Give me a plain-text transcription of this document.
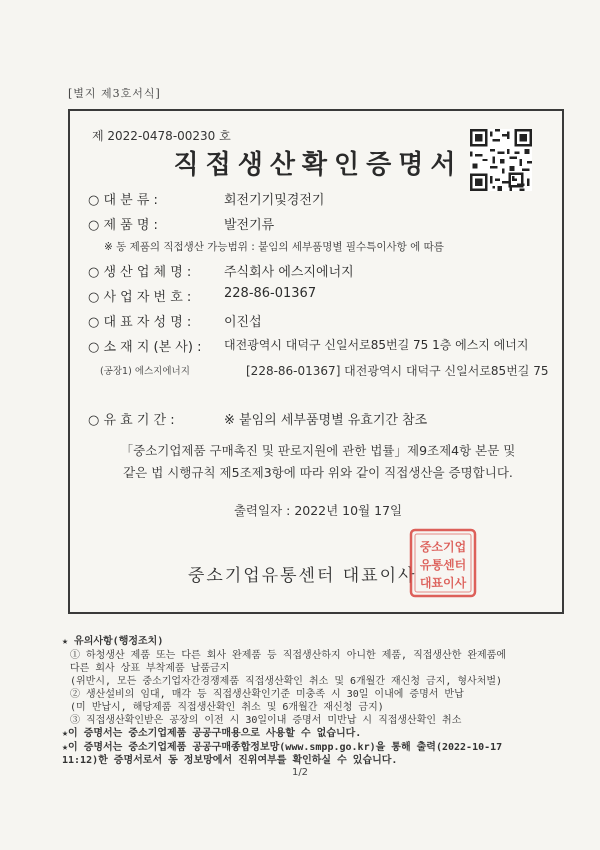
[별지 제3호서식]
제 2022-0478-00230 호
직접생산확인증명서
○ 대 분 류 :	회전기기및경전기
○ 제 품 명 :	발전기류
※ 동 제품의 직접생산 가능범위 : 붙임의 세부품명별 필수특이사항 에 따름
○ 생 산 업 체 명 :	주식회사 에스지에너지
○ 사 업 자 번 호 :	228-86-01367
○ 대 표 자 성 명 :	이진섭
○ 소 재 지 (본 사) : 대전광역시 대덕구 신일서로85번길 75 1층 에스지 에너지
(공장1) 에스지에너지	[228-86-01367] 대전광역시 대덕구 신일서로85번길 75
○ 유 효 기 간 :	※ 붙임의 세부품명별 유효기간 참조
「중소기업제품 구매촉진 및 판로지원에 관한 법률」제9조제4항 본문 및
같은 법 시행규칙 제5조제3항에 따라 위와 같이 직접생산을 증명합니다.
출력일자 : 2022년 10월 17일
중소기업유통센터 대표이사
중소기업
유통센터
대표이사
★ 유의사항(행정조치)
① 하청생산 제품 또는 다른 회사 완제품 등 직접생산하지 아니한 제품, 직접생산한 완제품에
다른 회사 상표 부착제품 납품금지
(위반시, 모든 중소기업자간경쟁제품 직접생산확인 취소 및 6개월간 재신청 금지, 형사처벌)
② 생산설비의 임대, 매각 등 직접생산확인기준 미충족 시 30일 이내에 증명서 반납
(미 반납시, 해당제품 직접생산확인 취소 및 6개월간 재신청 금지)
③ 직접생산확인받은 공장의 이전 시 30일이내 증명서 미반납 시 직접생산확인 취소
★이 증명서는 중소기업제품 공공구매용으로 사용할 수 없습니다.
★이 증명서는 중소기업제품 공공구매종합정보망(www.smpp.go.kr)을 통해 출력(2022-10-17
11:12)한 증명서로서 동 정보망에서 진위여부를 확인하실 수 있습니다.
1/2
